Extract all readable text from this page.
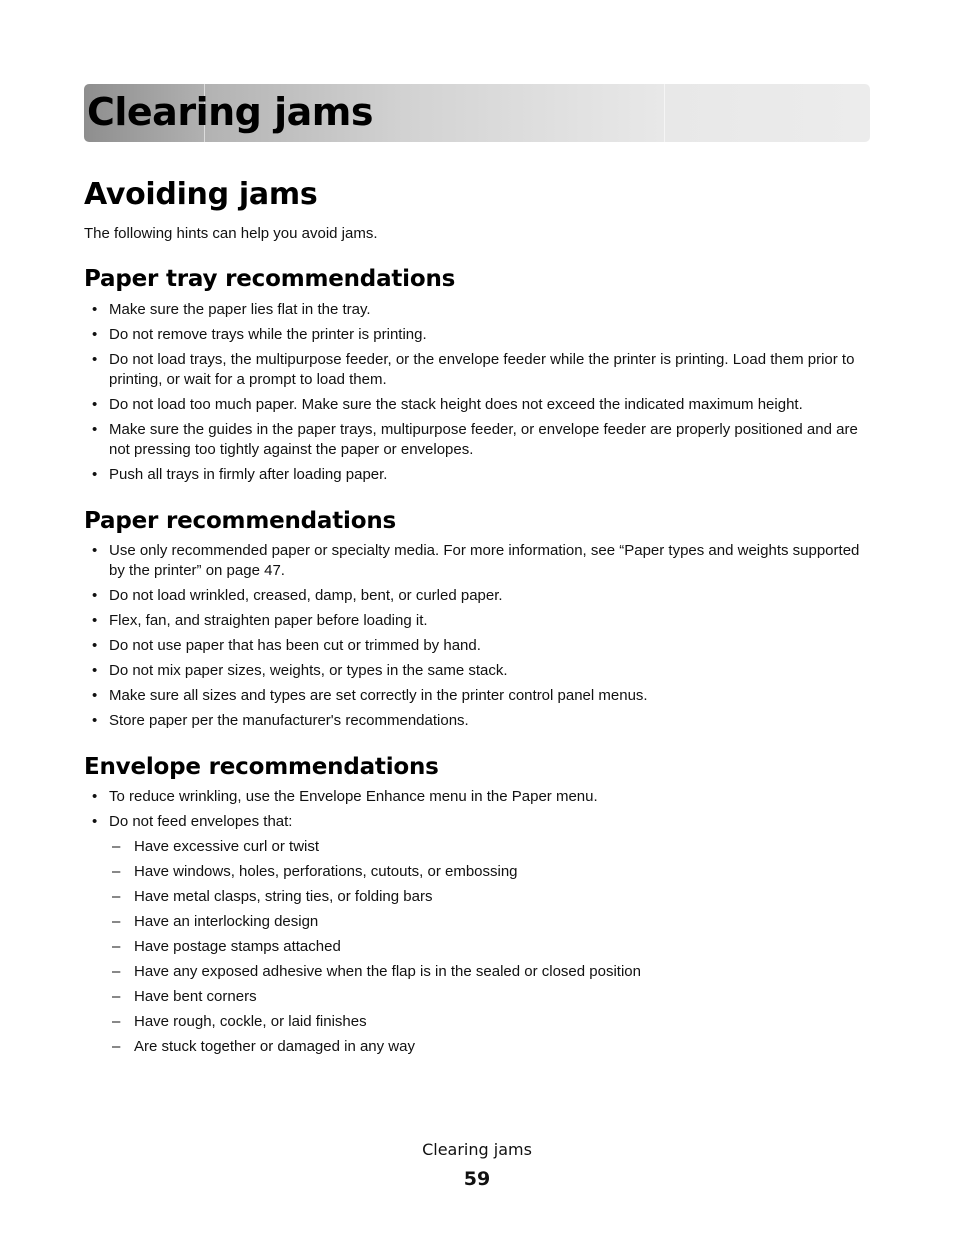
Clearing jams
Avoiding jams

The following hints can help you avoid jams.

Paper tray recommendations
• Make sure the paper lies flat in the tray.
• Do not remove trays while the printer is printing.
• Do not load trays, the multipurpose feeder, or the envelope feeder while the printer is printing. Load them prior to printing, or wait for a prompt to load them.
• Do not load too much paper. Make sure the stack height does not exceed the indicated maximum height.
• Make sure the guides in the paper trays, multipurpose feeder, or envelope feeder are properly positioned and are not pressing too tightly against the paper or envelopes.
• Push all trays in firmly after loading paper.
Paper recommendations
• Use only recommended paper or specialty media. For more information, see “Paper types and weights supported by the printer” on page 47.
• Do not load wrinkled, creased, damp, bent, or curled paper.
• Flex, fan, and straighten paper before loading it.
• Do not use paper that has been cut or trimmed by hand.
• Do not mix paper sizes, weights, or types in the same stack.
• Make sure all sizes and types are set correctly in the printer control panel menus.
• Store paper per the manufacturer's recommendations.
Envelope recommendations
• To reduce wrinkling, use the Envelope Enhance menu in the Paper menu.
• Do not feed envelopes that:
– Have excessive curl or twist
– Have windows, holes, perforations, cutouts, or embossing
– Have metal clasps, string ties, or folding bars
– Have an interlocking design
– Have postage stamps attached
– Have any exposed adhesive when the flap is in the sealed or closed position
– Have bent corners
– Have rough, cockle, or laid finishes
– Are stuck together or damaged in any way

Clearing jams

59
